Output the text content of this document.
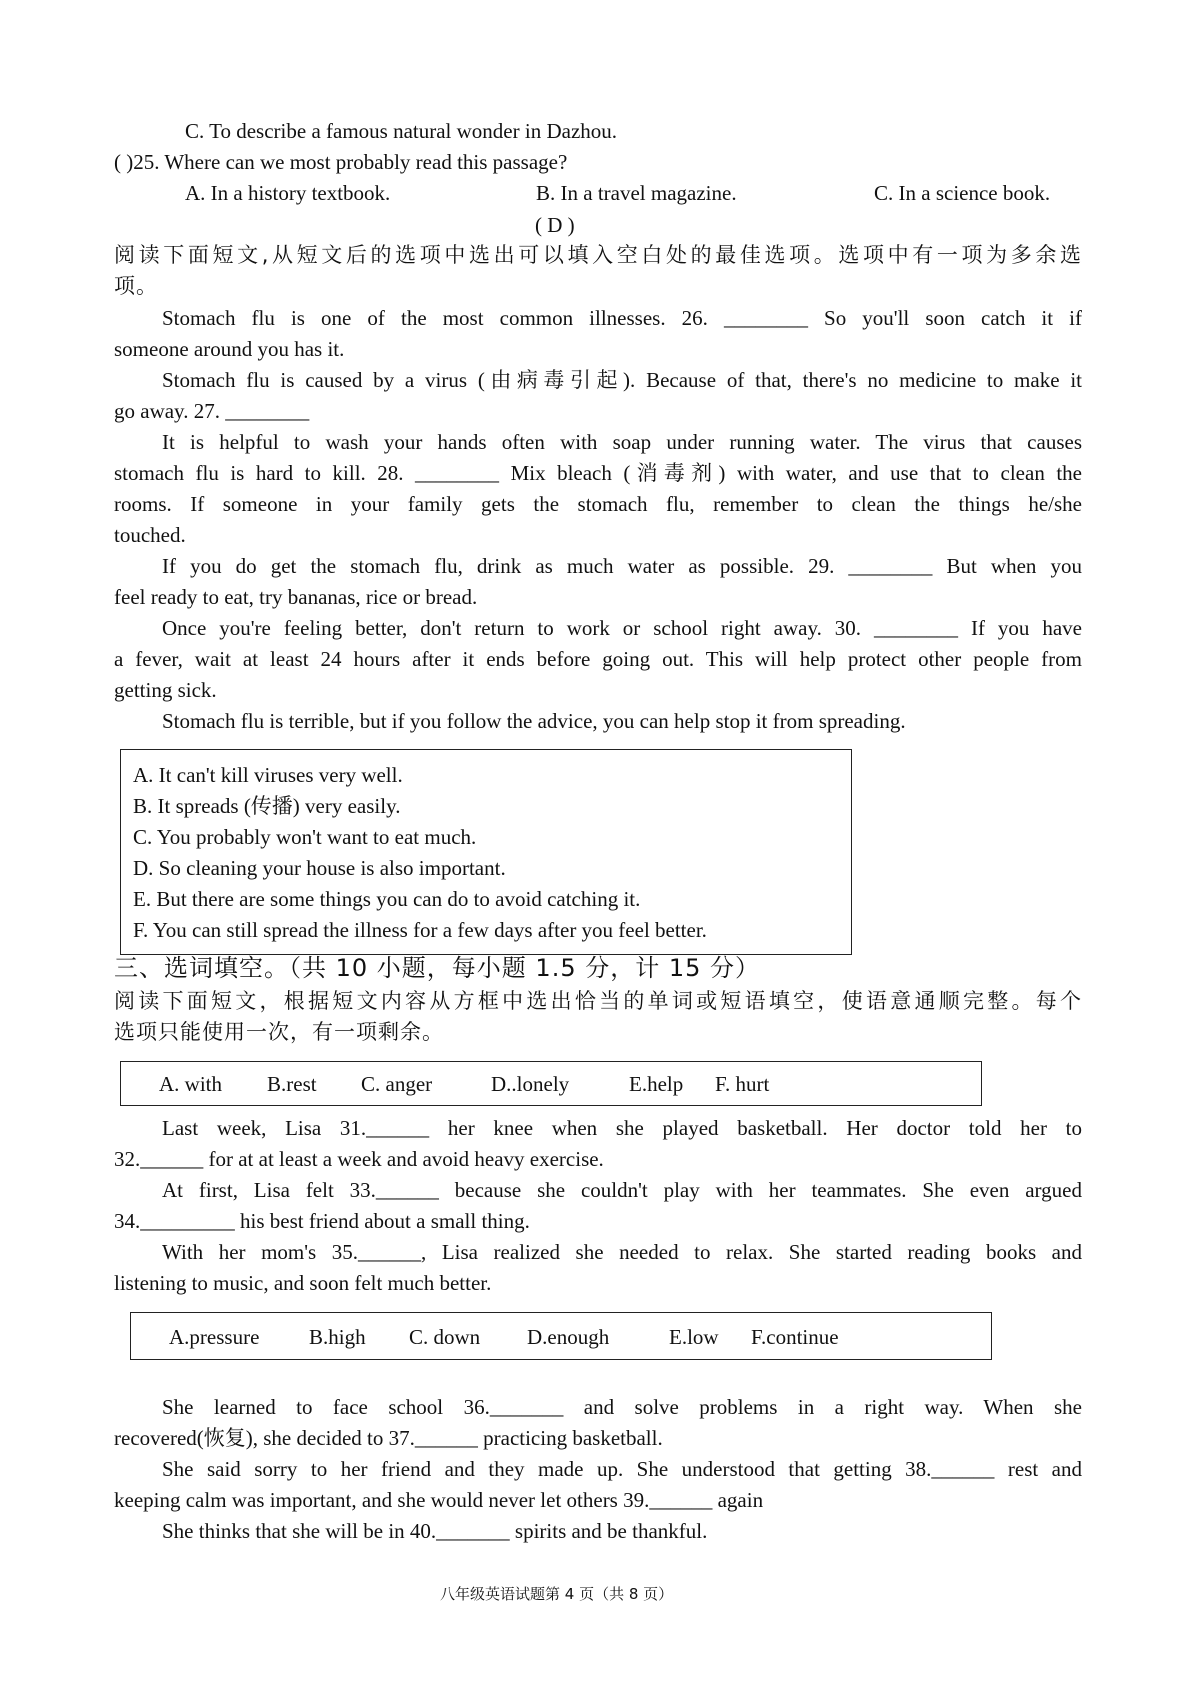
C. To describe a famous natural wonder in Dazhou.
( )25. Where can we most probably read this passage?
A. In a history textbook.	B. In a travel magazine.	C. In a science book.
( D )
阅读下面短文,从短文后的选项中选出可以填入空白处的最佳选项。选项中有一项为多余选
项。
Stomach flu is one of the most common illnesses. 26. ________ So you'll soon catch it if
someone around you has it.
Stomach flu is caused by a virus (由病毒引起). Because of that, there's no medicine to make it
go away. 27. ________
It is helpful to wash your hands often with soap under running water. The virus that causes
stomach flu is hard to kill. 28. ________ Mix bleach (消毒剂) with water, and use that to clean the
rooms. If someone in your family gets the stomach flu, remember to clean the things he/she
touched.
If you do get the stomach flu, drink as much water as possible. 29. ________ But when you
feel ready to eat, try bananas, rice or bread.
Once you're feeling better, don't return to work or school right away. 30. ________ If you have
a fever, wait at least 24 hours after it ends before going out. This will help protect other people from
getting sick.
Stomach flu is terrible, but if you follow the advice, you can help stop it from spreading.
A. It can't kill viruses very well.
B. It spreads (传播) very easily.
C. You probably won't want to eat much.
D. So cleaning your house is also important.
E. But there are some things you can do to avoid catching it.
F. You can still spread the illness for a few days after you feel better.
三、选词填空。（共 10 小题，每小题 1.5 分，计 15 分）
阅读下面短文，根据短文内容从方框中选出恰当的单词或短语填空，使语意通顺完整。每个
选项只能使用一次，有一项剩余。
A. with B.rest C. anger	D..lonely	E.help F. hurt
Last week, Lisa 31.______ her knee when she played basketball. Her doctor told her to
32.______ for at at least a week and avoid heavy exercise.
At first, Lisa felt 33.______ because she couldn't play with her teammates. She even argued
34._________ his best friend about a small thing.
With her mom's 35.______, Lisa realized she needed to relax. She started reading books and
listening to music, and soon felt much better.
A.pressure B.high C. down D.enough	E.low F.continue
She learned to face school 36._______ and solve problems in a right way. When she
recovered(恢复), she decided to 37.______ practicing basketball.
She said sorry to her friend and they made up. She understood that getting 38.______ rest and
keeping calm was important, and she would never let others 39.______ again
She thinks that she will be in 40._______ spirits and be thankful.
八年级英语试题第 4 页（共 8 页）
